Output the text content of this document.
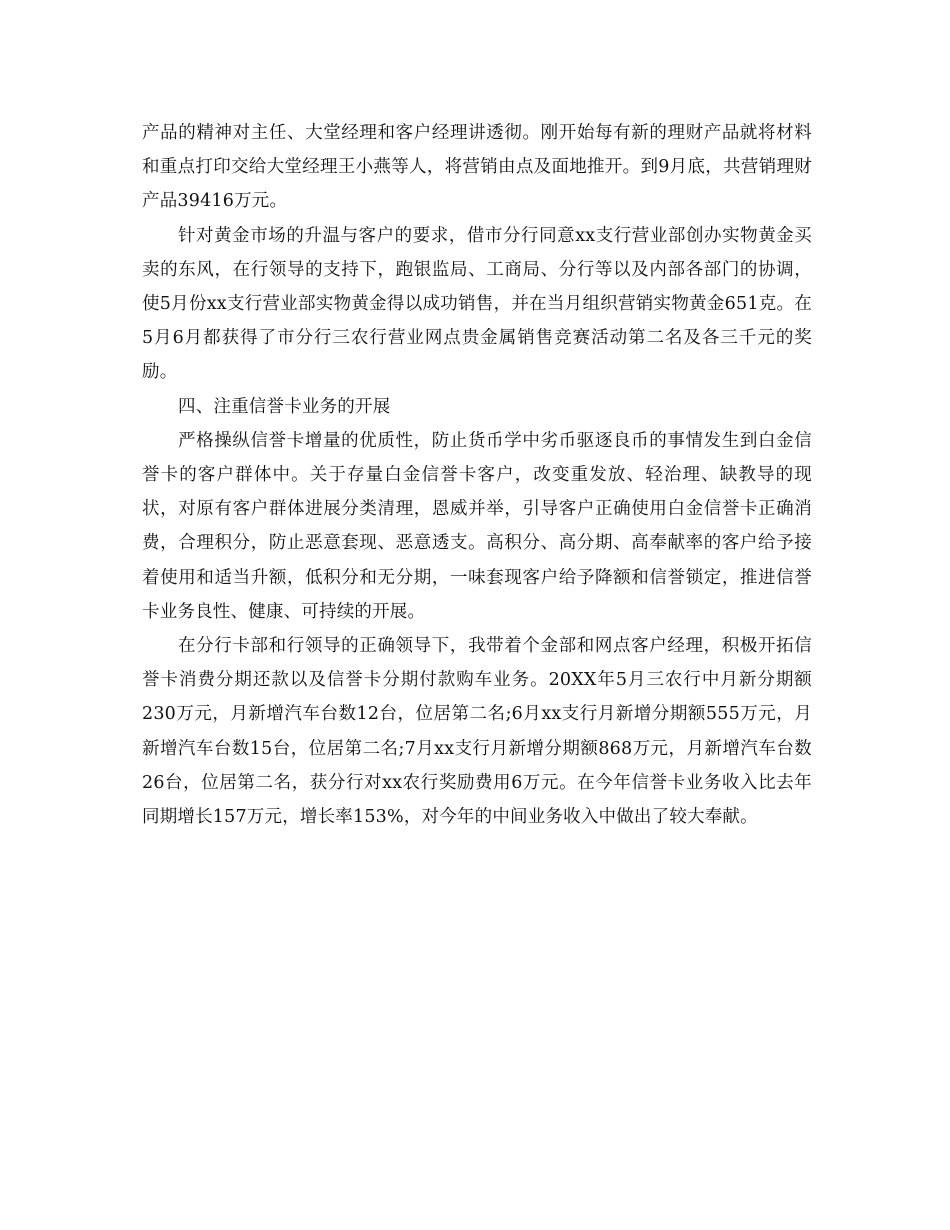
产品的精神对主任、大堂经理和客户经理讲透彻。刚开始每有新的理财产品就将材料和重点打印交给大堂经理王小燕等人，将营销由点及面地推开。到9月底，共营销理财产品39416万元。

针对黄金市场的升温与客户的要求，借市分行同意xx支行营业部创办实物黄金买卖的东风，在行领导的支持下，跑银监局、工商局、分行等以及内部各部门的协调，使5月份xx支行营业部实物黄金得以成功销售，并在当月组织营销实物黄金651克。在5月6月都获得了市分行三农行营业网点贵金属销售竞赛活动第二名及各三千元的奖励。

四、注重信誉卡业务的开展

严格操纵信誉卡增量的优质性，防止货币学中劣币驱逐良币的事情发生到白金信誉卡的客户群体中。关于存量白金信誉卡客户，改变重发放、轻治理、缺教导的现状，对原有客户群体进展分类清理，恩威并举，引导客户正确使用白金信誉卡正确消费，合理积分，防止恶意套现、恶意透支。高积分、高分期、高奉献率的客户给予接着使用和适当升额，低积分和无分期，一味套现客户给予降额和信誉锁定，推进信誉卡业务良性、健康、可持续的开展。

在分行卡部和行领导的正确领导下，我带着个金部和网点客户经理，积极开拓信誉卡消费分期还款以及信誉卡分期付款购车业务。20XX年5月三农行中月新分期额230万元，月新增汽车台数12台，位居第二名;6月xx支行月新增分期额555万元，月新增汽车台数15台，位居第二名;7月xx支行月新增分期额868万元，月新增汽车台数26台，位居第二名，获分行对xx农行奖励费用6万元。在今年信誉卡业务收入比去年同期增长157万元，增长率153%，对今年的中间业务收入中做出了较大奉献。
